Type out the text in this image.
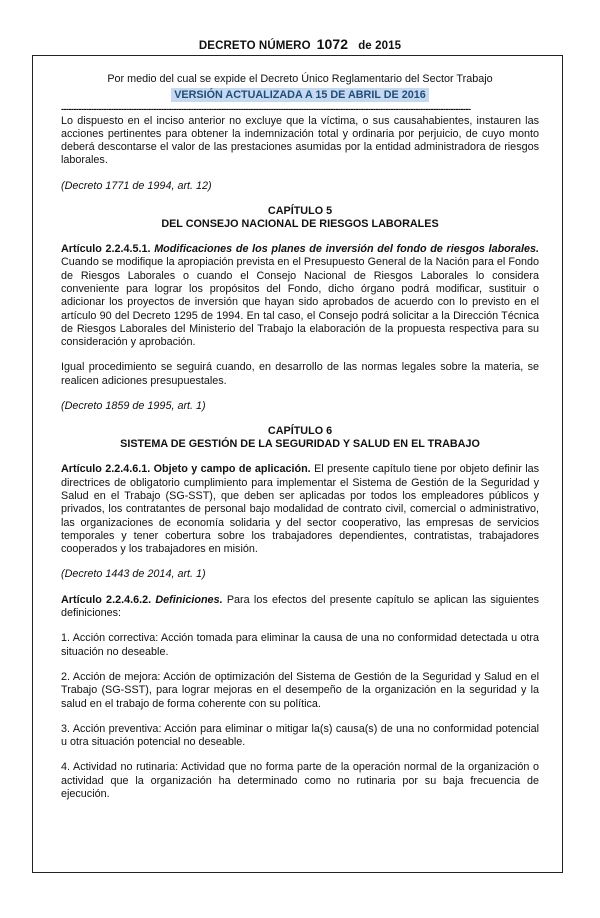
DECRETO NÚMERO 1072 de 2015
Por medio del cual se expide el Decreto Único Reglamentario del Sector Trabajo
VERSIÓN ACTUALIZADA A 15 DE ABRIL DE 2016
--------------------------------------------------------------------------------------------------------------------------------------------------------------------

Lo dispuesto en el inciso anterior no excluye que la víctima, o sus causahabientes, instauren las acciones pertinentes para obtener la indemnización total y ordinaria por perjuicio, de cuyo monto deberá descontarse el valor de las prestaciones asumidas por la entidad administradora de riesgos laborales.

(Decreto 1771 de 1994, art. 12)

CAPÍTULO 5
DEL CONSEJO NACIONAL DE RIESGOS LABORALES

Artículo 2.2.4.5.1. Modificaciones de los planes de inversión del fondo de riesgos laborales. Cuando se modifique la apropiación prevista en el Presupuesto General de la Nación para el Fondo de Riesgos Laborales o cuando el Consejo Nacional de Riesgos Laborales lo considera conveniente para lograr los propósitos del Fondo, dicho órgano podrá modificar, sustituir o adicionar los proyectos de inversión que hayan sido aprobados de acuerdo con lo previsto en el artículo 90 del Decreto 1295 de 1994. En tal caso, el Consejo podrá solicitar a la Dirección Técnica de Riesgos Laborales del Ministerio del Trabajo la elaboración de la propuesta respectiva para su consideración y aprobación.

Igual procedimiento se seguirá cuando, en desarrollo de las normas legales sobre la materia, se realicen adiciones presupuestales.

(Decreto 1859 de 1995, art. 1)

CAPÍTULO 6
SISTEMA DE GESTIÓN DE LA SEGURIDAD Y SALUD EN EL TRABAJO

Artículo 2.2.4.6.1. Objeto y campo de aplicación. El presente capítulo tiene por objeto definir las directrices de obligatorio cumplimiento para implementar el Sistema de Gestión de la Seguridad y Salud en el Trabajo (SG-SST), que deben ser aplicadas por todos los empleadores públicos y privados, los contratantes de personal bajo modalidad de contrato civil, comercial o administrativo, las organizaciones de economía solidaria y del sector cooperativo, las empresas de servicios temporales y tener cobertura sobre los trabajadores dependientes, contratistas, trabajadores cooperados y los trabajadores en misión.

(Decreto 1443 de 2014, art. 1)

Artículo 2.2.4.6.2. Definiciones. Para los efectos del presente capítulo se aplican las siguientes definiciones:

1. Acción correctiva: Acción tomada para eliminar la causa de una no conformidad detectada u otra situación no deseable.

2. Acción de mejora: Acción de optimización del Sistema de Gestión de la Seguridad y Salud en el Trabajo (SG-SST), para lograr mejoras en el desempeño de la organización en la seguridad y la salud en el trabajo de forma coherente con su política.

3. Acción preventiva: Acción para eliminar o mitigar la(s) causa(s) de una no conformidad potencial u otra situación potencial no deseable.

4. Actividad no rutinaria: Actividad que no forma parte de la operación normal de la organización o actividad que la organización ha determinado como no rutinaria por su baja frecuencia de ejecución.
